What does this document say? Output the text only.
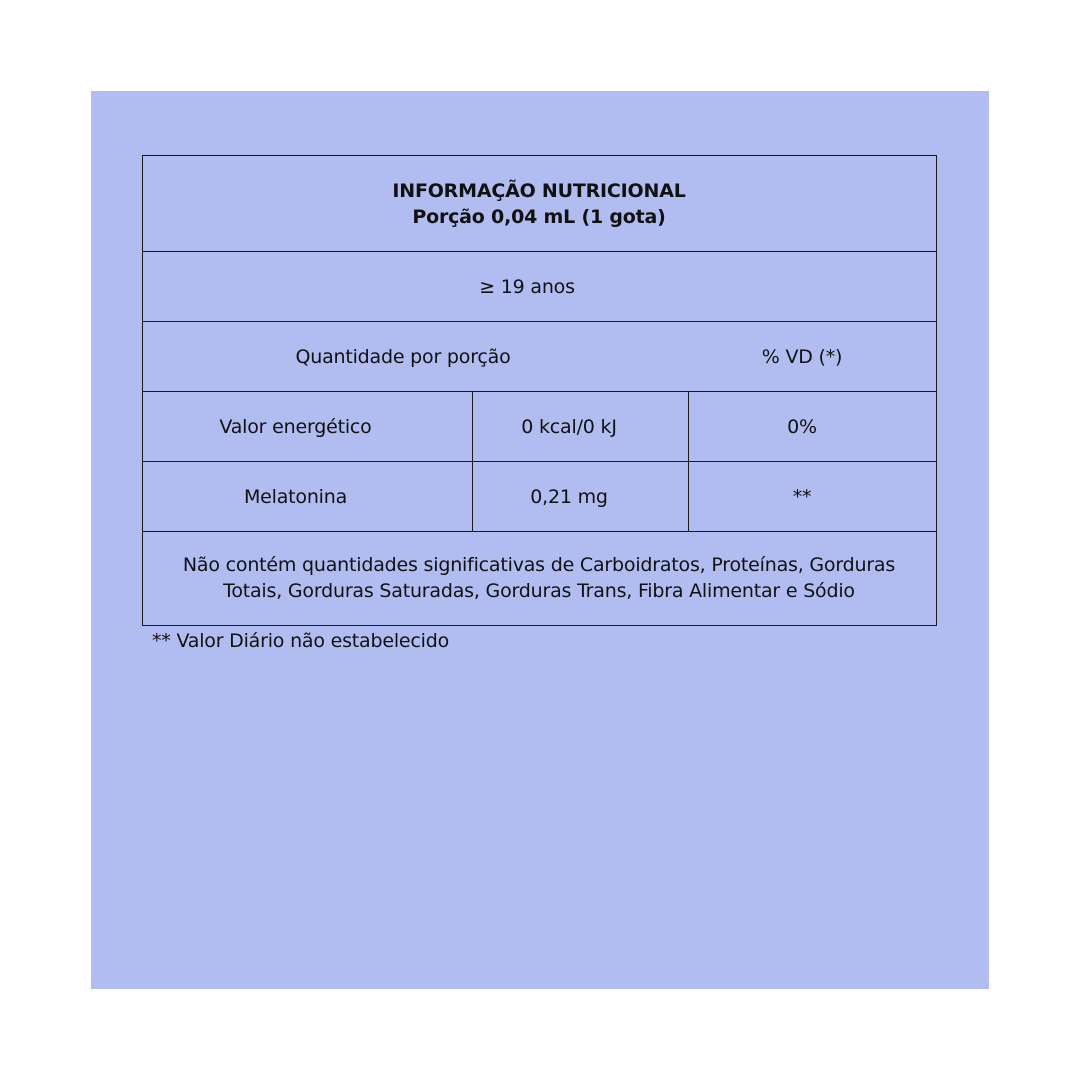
INFORMAÇÃO NUTRICIONAL
Porção 0,04 mL (1 gota)
≥ 19 anos
Quantidade por porção	% VD (*)
Valor energético	0 kcal/0 kJ	0%
Melatonina	0,21 mg	**
Não contém quantidades significativas de Carboidratos, Proteínas, Gorduras Totais, Gorduras Saturadas, Gorduras Trans, Fibra Alimentar e Sódio
** Valor Diário não estabelecido
